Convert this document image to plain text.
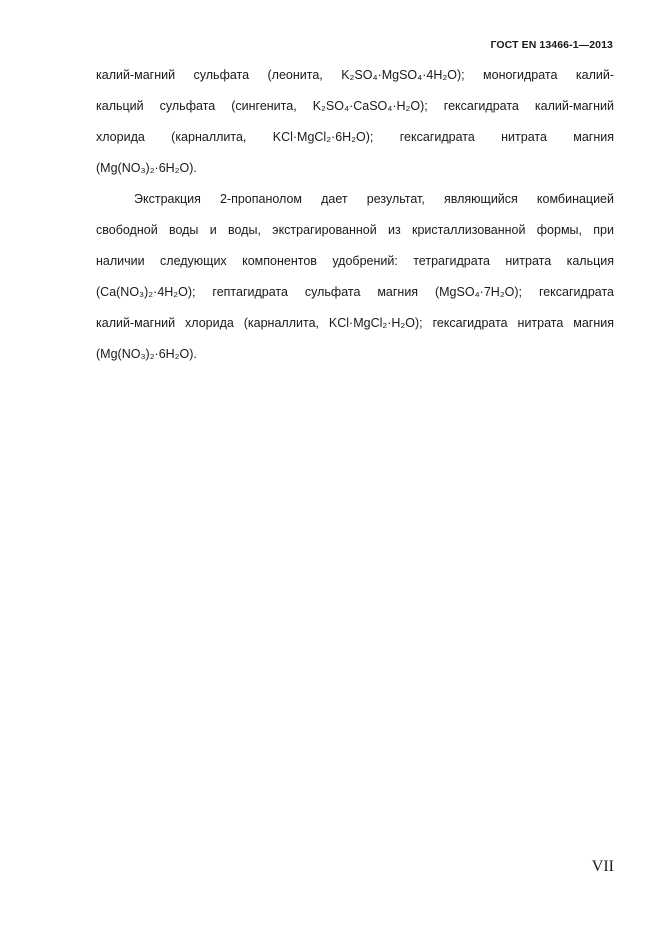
ГОСТ EN 13466-1—2013
калий-магний сульфата (леонита, K₂SO₄·MgSO₄·4H₂O); моногидрата калий-
кальций сульфата (сингенита, K₂SO₄·CaSO₄·H₂O); гексагидрата калий-магний
хлорида (карналлита, KCl·MgCl₂·6H₂O); гексагидрата нитрата магния
(Mg(NO₃)₂·6H₂O).
Экстракция 2-пропанолом дает результат, являющийся комбинацией
свободной воды и воды, экстрагированной из кристаллизованной формы, при
наличии следующих компонентов удобрений: тетрагидрата нитрата кальция
(Ca(NO₃)₂·4H₂O); гептагидрата сульфата магния (MgSO₄·7H₂O); гексагидрата
калий-магний хлорида (карналлита, KCl·MgCl₂·H₂O); гексагидрата нитрата магния
(Mg(NO₃)₂·6H₂O).
VII
